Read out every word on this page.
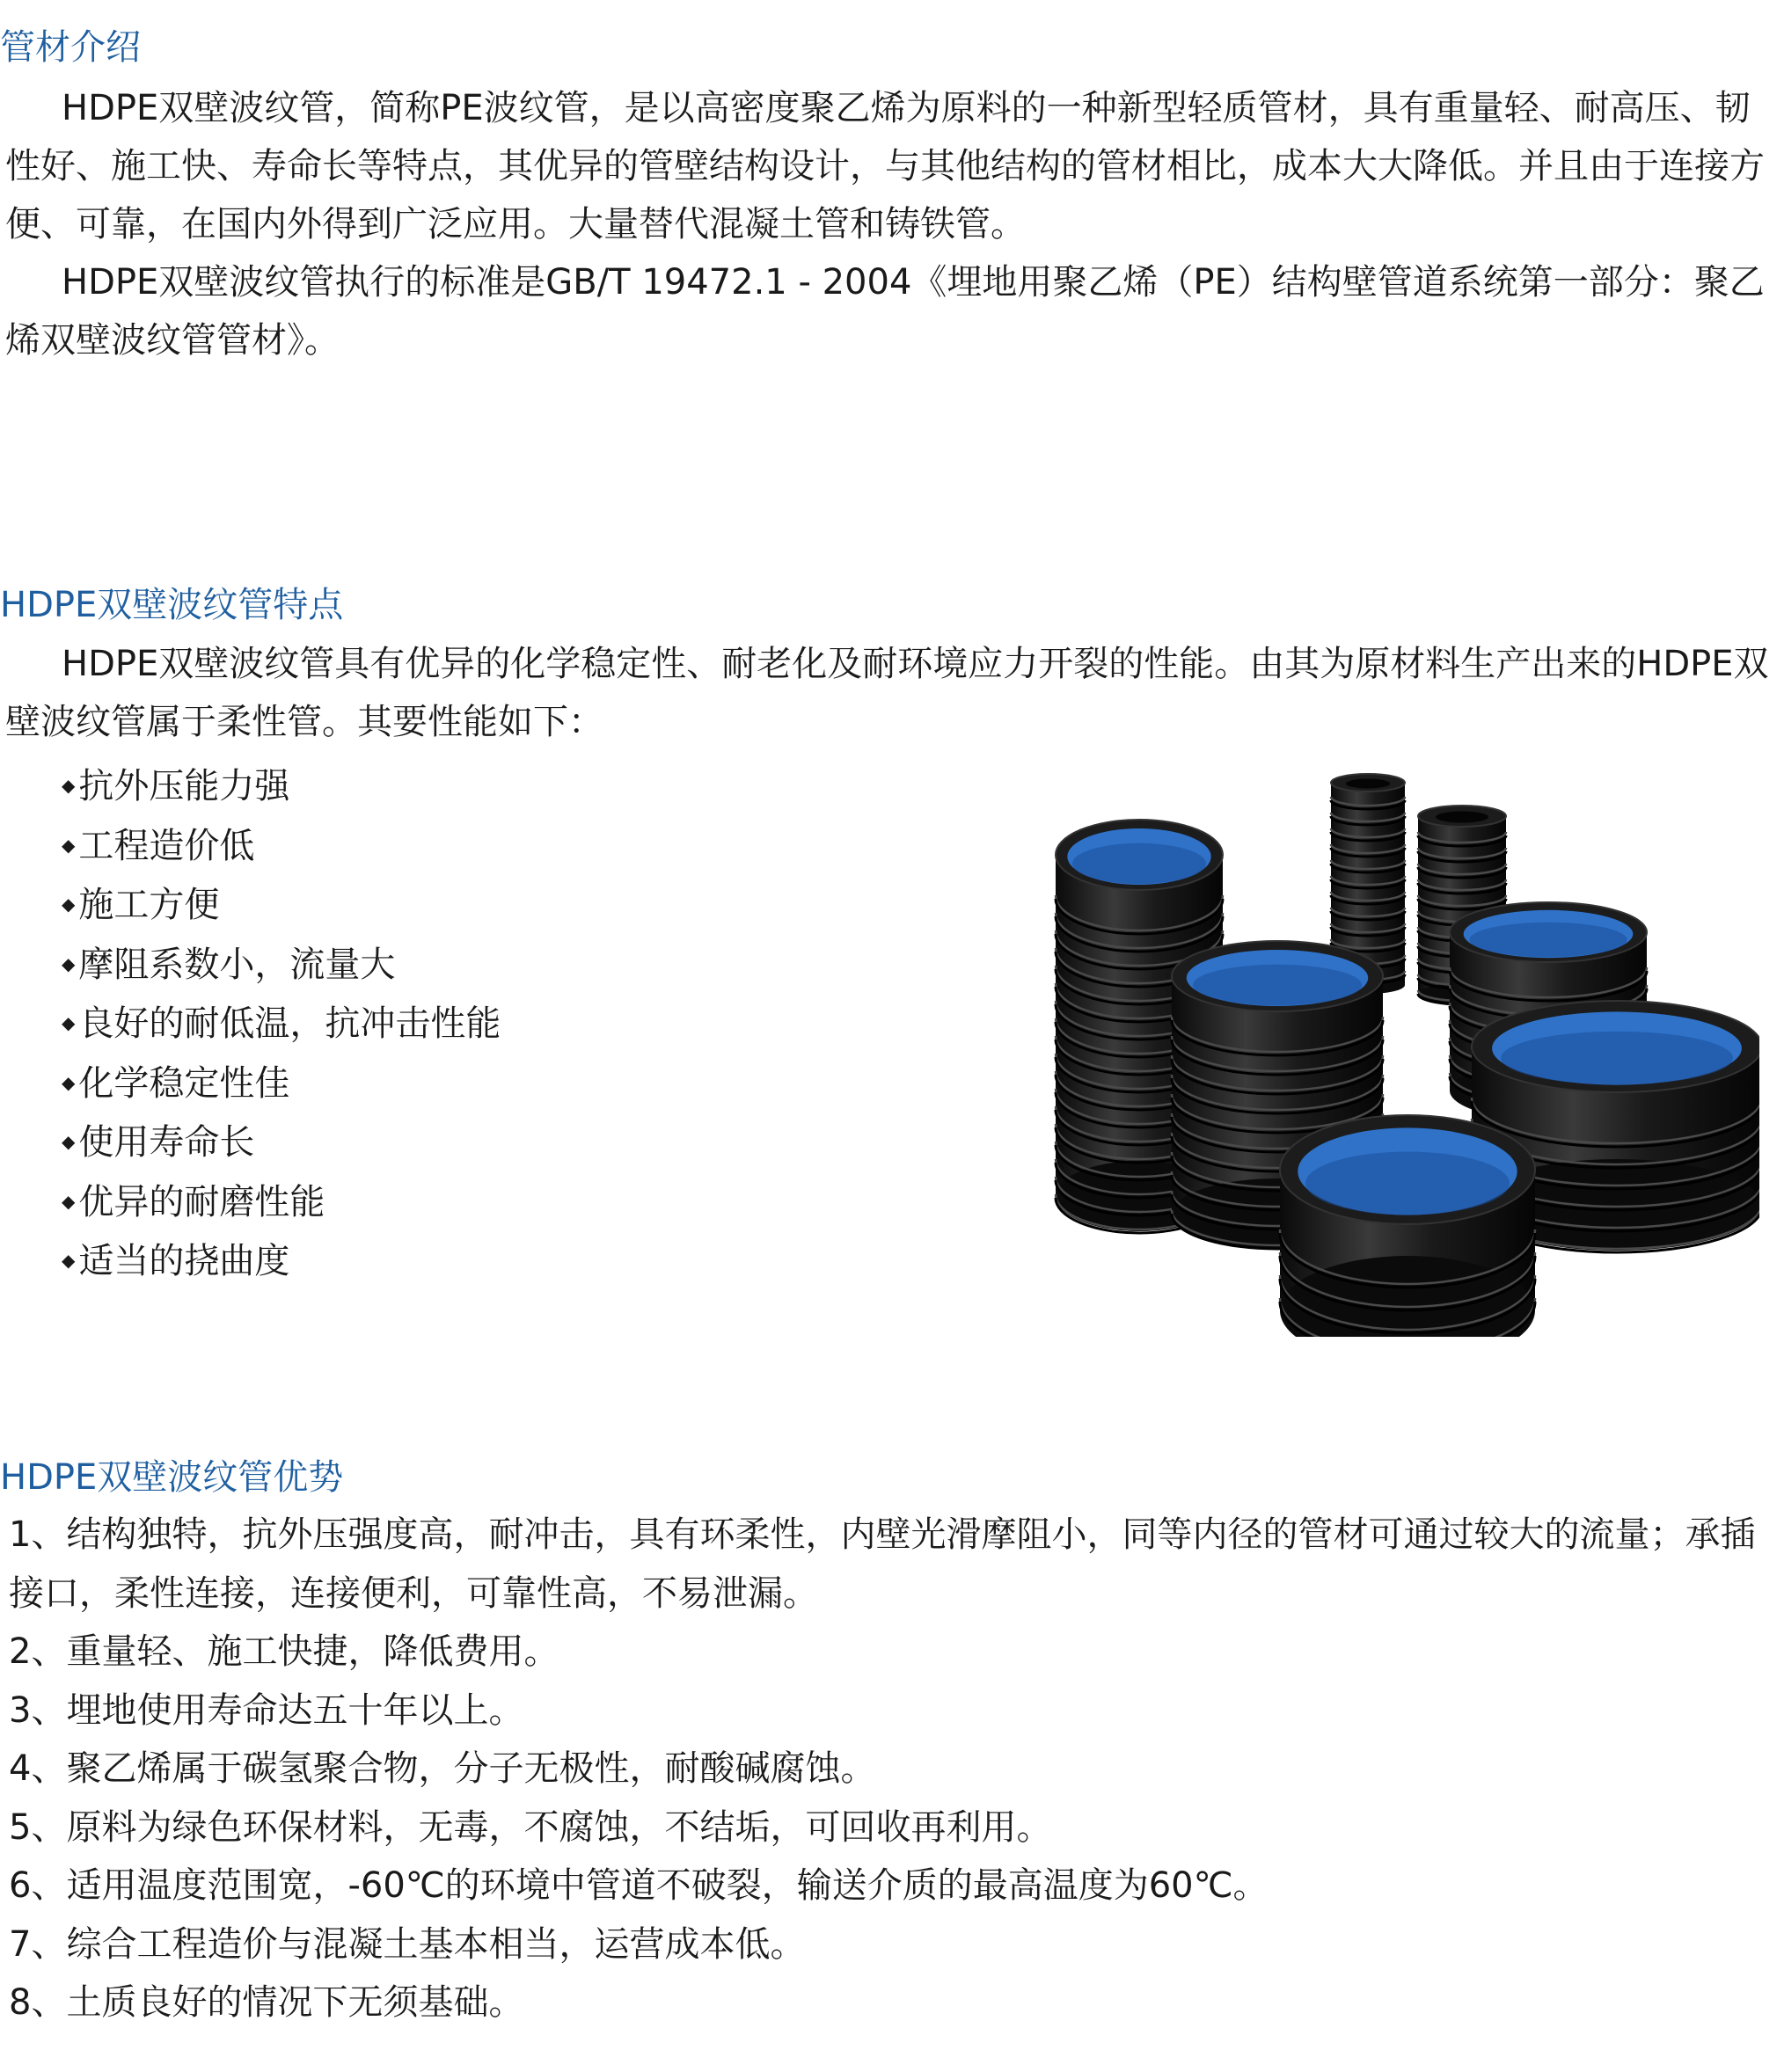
管材介绍

HDPE双壁波纹管，简称PE波纹管，是以高密度聚乙烯为原料的一种新型轻质管材，具有重量轻、耐高压、韧性好、施工快、寿命长等特点，其优异的管壁结构设计，与其他结构的管材相比，成本大大降低。并且由于连接方便、可靠，在国内外得到广泛应用。大量替代混凝土管和铸铁管。

HDPE双壁波纹管执行的标准是GB/T 19472.1 - 2004《埋地用聚乙烯（PE）结构壁管道系统第一部分：聚乙烯双壁波纹管管材》。

HDPE双壁波纹管特点

HDPE双壁波纹管具有优异的化学稳定性、耐老化及耐环境应力开裂的性能。由其为原材料生产出来的HDPE双壁波纹管属于柔性管。其要性能如下：

◆ 抗外压能力强
◆ 工程造价低
◆ 施工方便
◆ 摩阻系数小，流量大
◆ 良好的耐低温，抗冲击性能
◆ 化学稳定性佳
◆ 使用寿命长
◆ 优异的耐磨性能
◆ 适当的挠曲度
HDPE双壁波纹管优势
1、结构独特，抗外压强度高，耐冲击，具有环柔性，内壁光滑摩阻小，同等内径的管材可通过较大的流量；承插接口，柔性连接，连接便利，可靠性高，不易泄漏。
2、重量轻、施工快捷，降低费用。
3、埋地使用寿命达五十年以上。
4、聚乙烯属于碳氢聚合物，分子无极性，耐酸碱腐蚀。
5、原料为绿色环保材料，无毒，不腐蚀，不结垢，可回收再利用。
6、适用温度范围宽，-60℃的环境中管道不破裂，输送介质的最高温度为60℃。
7、综合工程造价与混凝土基本相当，运营成本低。
8、土质良好的情况下无须基础。
